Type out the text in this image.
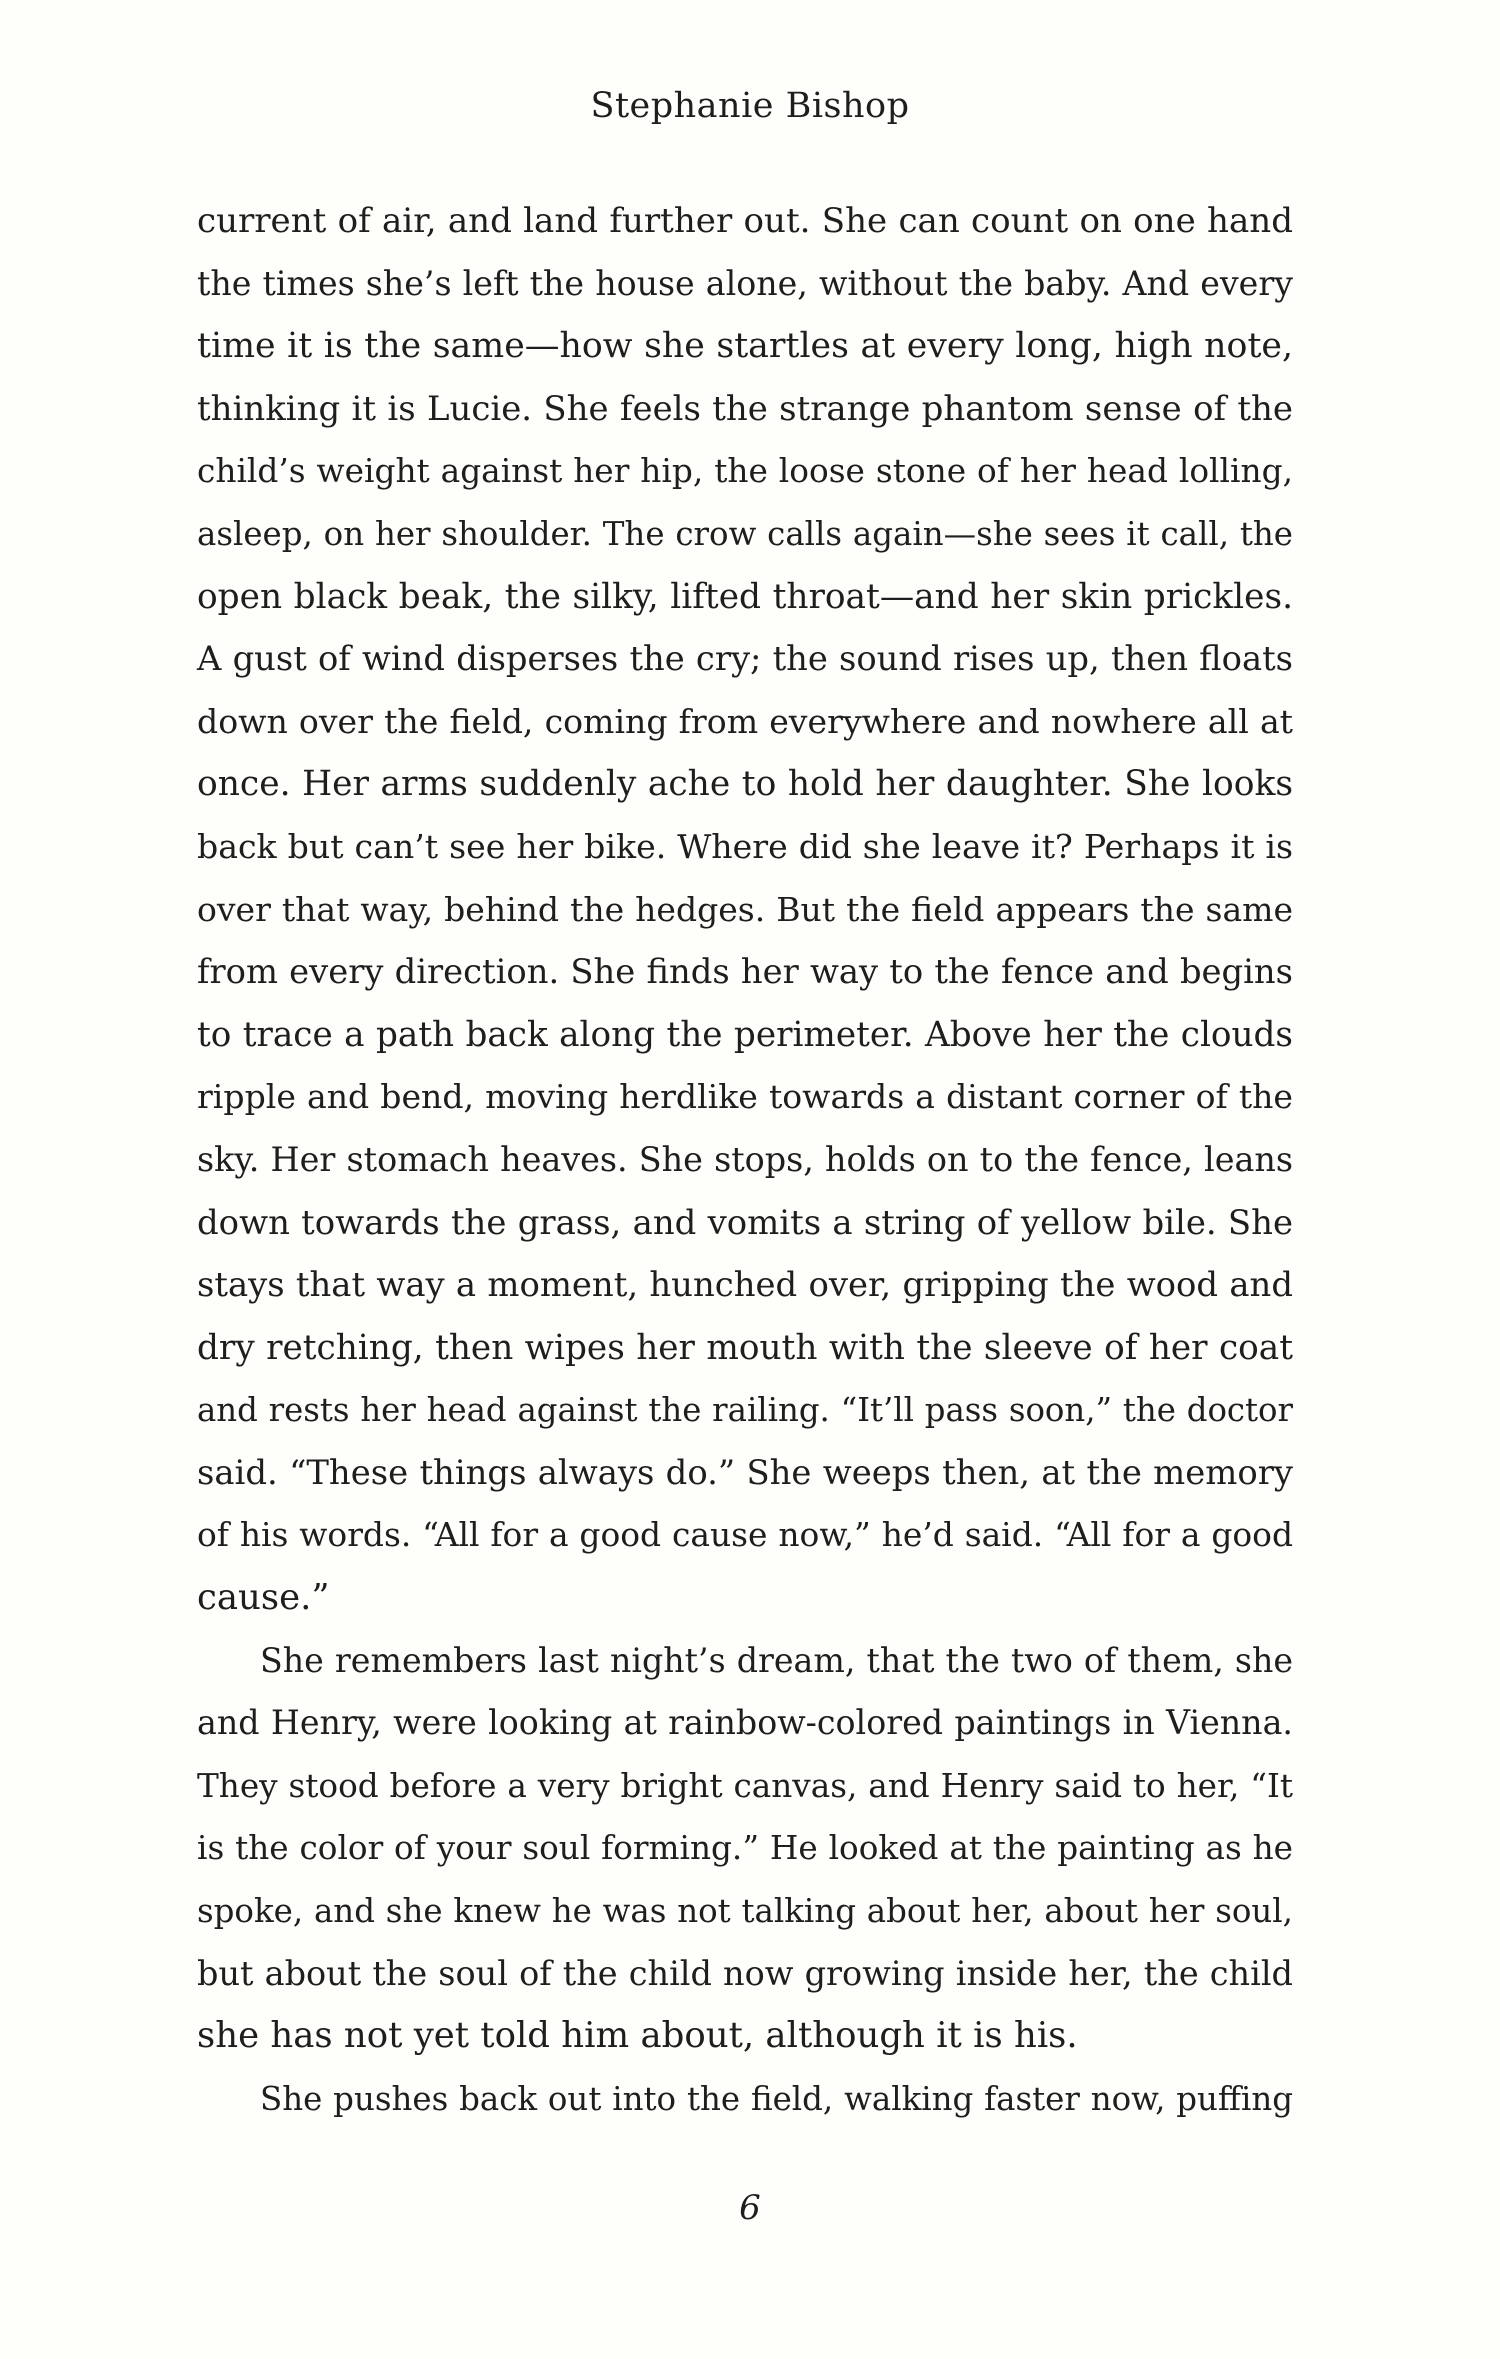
Stephanie Bishop
current of air, and land further out. She can count on one hand
the times she’s left the house alone, without the baby. And every
time it is the same—how she startles at every long, high note,
thinking it is Lucie. She feels the strange phantom sense of the
child’s weight against her hip, the loose stone of her head lolling,
asleep, on her shoulder. The crow calls again—she sees it call, the
open black beak, the silky, lifted throat—and her skin prickles.
A gust of wind disperses the cry; the sound rises up, then floats
down over the field, coming from everywhere and nowhere all at
once. Her arms suddenly ache to hold her daughter. She looks
back but can’t see her bike. Where did she leave it? Perhaps it is
over that way, behind the hedges. But the field appears the same
from every direction. She finds her way to the fence and begins
to trace a path back along the perimeter. Above her the clouds
ripple and bend, moving herdlike towards a distant corner of the
sky. Her stomach heaves. She stops, holds on to the fence, leans
down towards the grass, and vomits a string of yellow bile. She
stays that way a moment, hunched over, gripping the wood and
dry retching, then wipes her mouth with the sleeve of her coat
and rests her head against the railing. “It’ll pass soon,” the doctor
said. “These things always do.” She weeps then, at the memory
of his words. “All for a good cause now,” he’d said. “All for a good
cause.”
She remembers last night’s dream, that the two of them, she
and Henry, were looking at rainbow-colored paintings in Vienna.
They stood before a very bright canvas, and Henry said to her, “It
is the color of your soul forming.” He looked at the painting as he
spoke, and she knew he was not talking about her, about her soul,
but about the soul of the child now growing inside her, the child
she has not yet told him about, although it is his.
She pushes back out into the field, walking faster now, puffing
6
